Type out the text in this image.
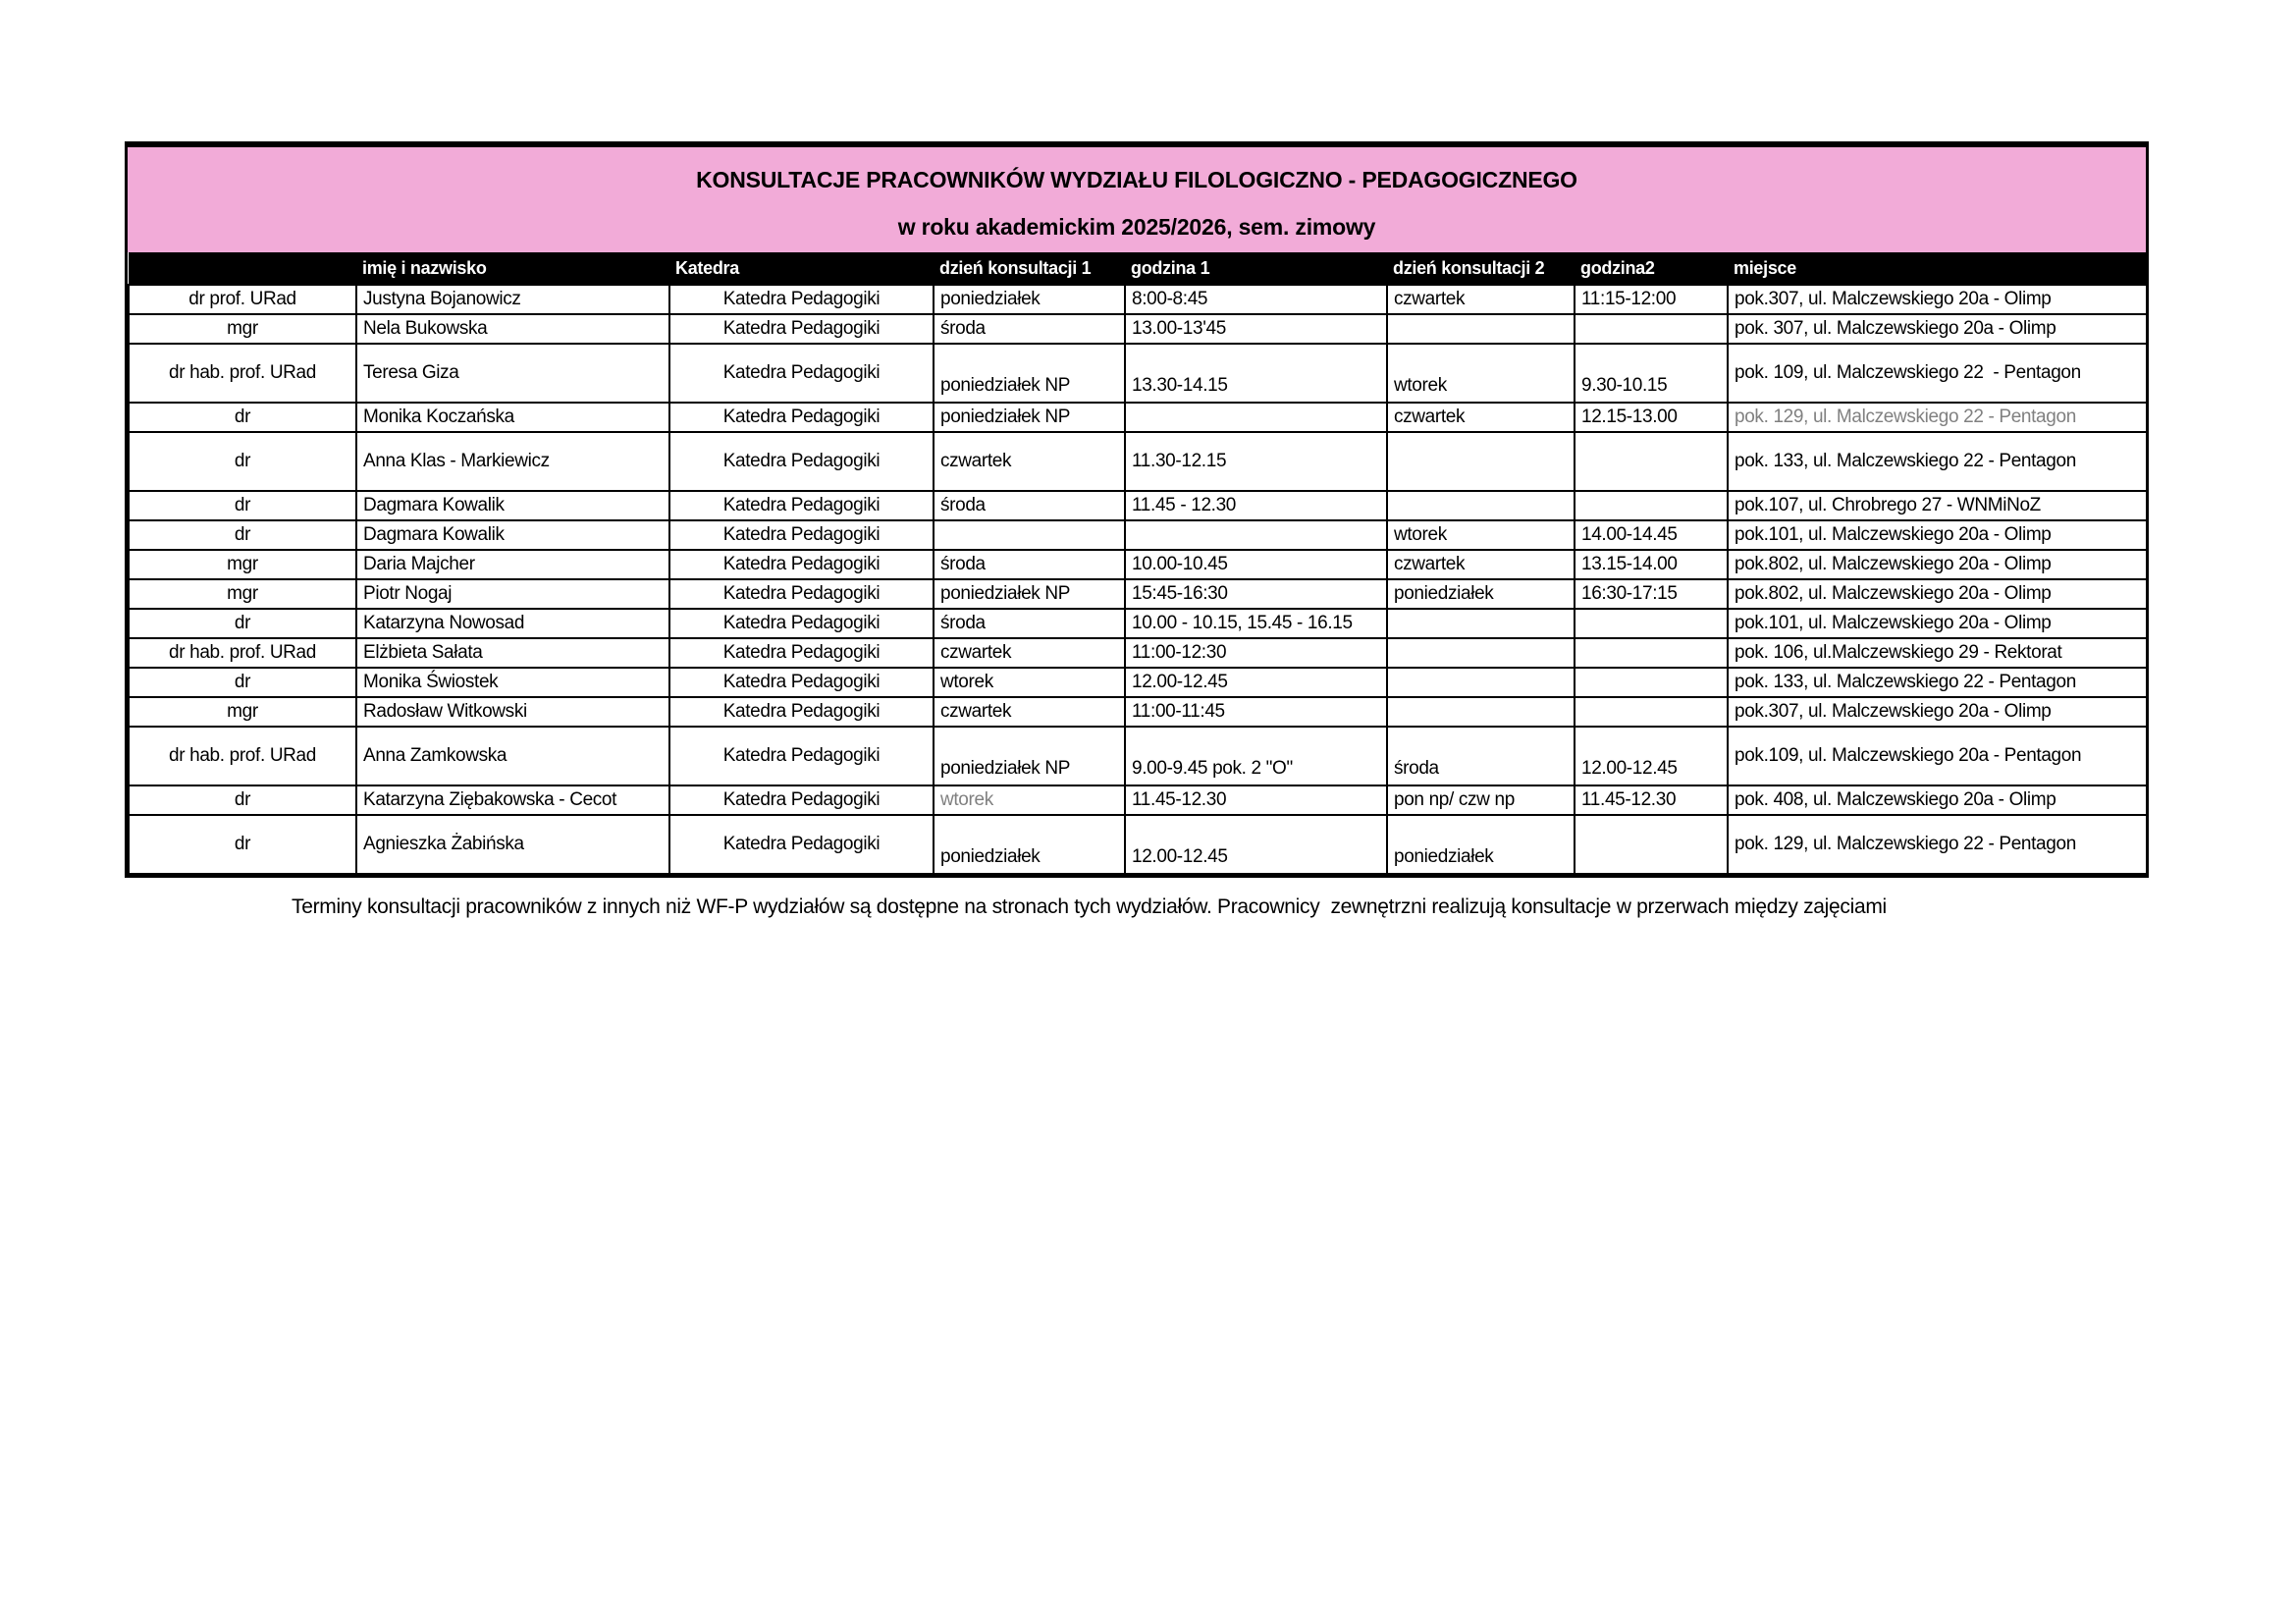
KONSULTACJE PRACOWNIKÓW WYDZIAŁU FILOLOGICZNO - PEDAGOGICZNEGO
w roku akademickim 2025/2026, sem. zimowy
	imię i nazwisko	Katedra	dzień konsultacji 1	godzina 1	dzień konsultacji 2	godzina2	miejsce
dr prof. URad	Justyna Bojanowicz	Katedra Pedagogiki	poniedziałek	8:00-8:45	czwartek	11:15-12:00	pok.307, ul. Malczewskiego 20a - Olimp
mgr	Nela Bukowska	Katedra Pedagogiki	środa	13.00-13'45			pok. 307, ul. Malczewskiego 20a - Olimp
dr hab. prof. URad	Teresa Giza	Katedra Pedagogiki	poniedziałek NP	13.30-14.15	wtorek	9.30-10.15	pok. 109, ul. Malczewskiego 22  - Pentagon
dr	Monika Koczańska	Katedra Pedagogiki	poniedziałek NP		czwartek	12.15-13.00	pok. 129, ul. Malczewskiego 22 - Pentagon
dr	Anna Klas - Markiewicz	Katedra Pedagogiki	czwartek	11.30-12.15			pok. 133, ul. Malczewskiego 22 - Pentagon
dr	Dagmara Kowalik	Katedra Pedagogiki	środa	11.45 - 12.30			pok.107, ul. Chrobrego 27 - WNMiNoZ
dr	Dagmara Kowalik	Katedra Pedagogiki			wtorek	14.00-14.45	pok.101, ul. Malczewskiego 20a - Olimp
mgr	Daria Majcher	Katedra Pedagogiki	środa	10.00-10.45	czwartek	13.15-14.00	pok.802, ul. Malczewskiego 20a - Olimp
mgr	Piotr Nogaj	Katedra Pedagogiki	poniedziałek NP	15:45-16:30	poniedziałek	16:30-17:15	pok.802, ul. Malczewskiego 20a - Olimp
dr	Katarzyna Nowosad	Katedra Pedagogiki	środa	10.00 - 10.15, 15.45 - 16.15			pok.101, ul. Malczewskiego 20a - Olimp
dr hab. prof. URad	Elżbieta Sałata	Katedra Pedagogiki	czwartek	11:00-12:30			pok. 106, ul.Malczewskiego 29 - Rektorat
dr	Monika Świostek	Katedra Pedagogiki	wtorek	12.00-12.45			pok. 133, ul. Malczewskiego 22 - Pentagon
mgr	Radosław Witkowski	Katedra Pedagogiki	czwartek	11:00-11:45			pok.307, ul. Malczewskiego 20a - Olimp
dr hab. prof. URad	Anna Zamkowska	Katedra Pedagogiki	poniedziałek NP	9.00-9.45 pok. 2 "O"	środa	12.00-12.45	pok.109, ul. Malczewskiego 20a - Pentagon
dr	Katarzyna Ziębakowska - Cecot	Katedra Pedagogiki	wtorek	11.45-12.30	pon np/ czw np	11.45-12.30	pok. 408, ul. Malczewskiego 20a - Olimp
dr	Agnieszka Żabińska	Katedra Pedagogiki	poniedziałek	12.00-12.45	poniedziałek		pok. 129, ul. Malczewskiego 22 - Pentagon
Terminy konsultacji pracowników z innych niż WF-P wydziałów są dostępne na stronach tych wydziałów. Pracownicy  zewnętrzni realizują konsultacje w przerwach między zajęciami
